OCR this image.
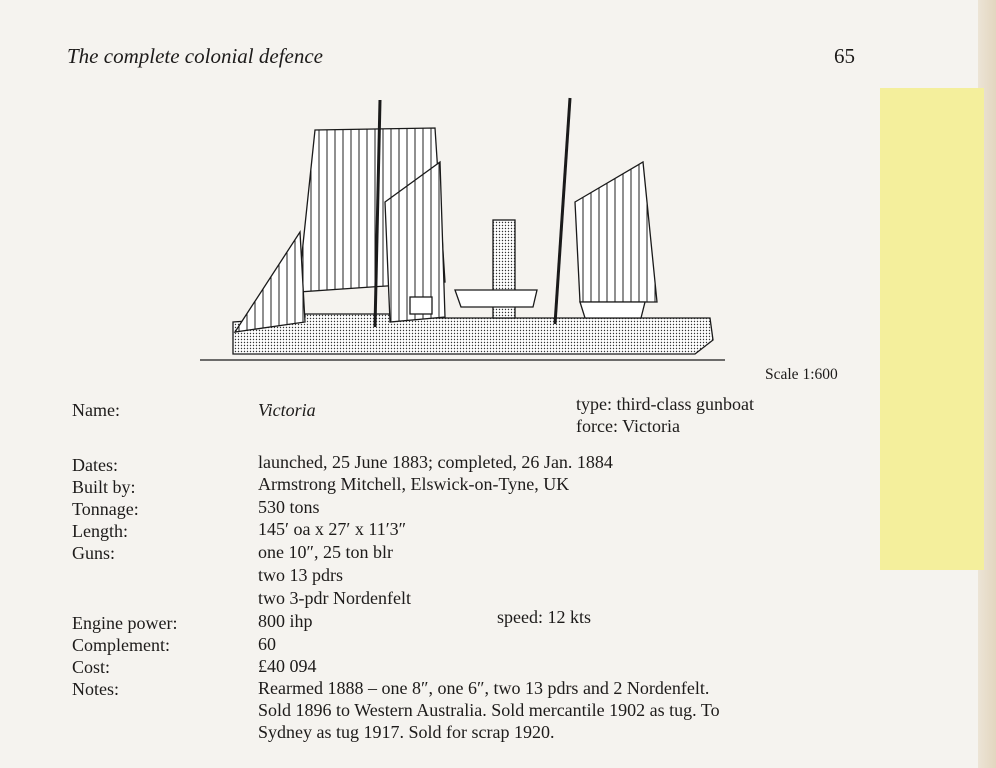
The complete colonial defence	65
Scale 1:600
Name:	Victoria	type: third-class gunboat
force: Victoria
Dates:	launched, 25 June 1883; completed, 26 Jan. 1884
Built by:	Armstrong Mitchell, Elswick-on-Tyne, UK
Tonnage:	530 tons
Length:	145′ oa x 27′ x 11′3″
Guns:	one 10″, 25 ton blr
two 13 pdrs
two 3-pdr Nordenfelt
Engine power:	800 ihp	speed: 12 kts
Complement:	60
Cost:	£40 094
Notes:	Rearmed 1888 – one 8″, one 6″, two 13 pdrs and 2 Nordenfelt.
Sold 1896 to Western Australia. Sold mercantile 1902 as tug. To
Sydney as tug 1917. Sold for scrap 1920.
